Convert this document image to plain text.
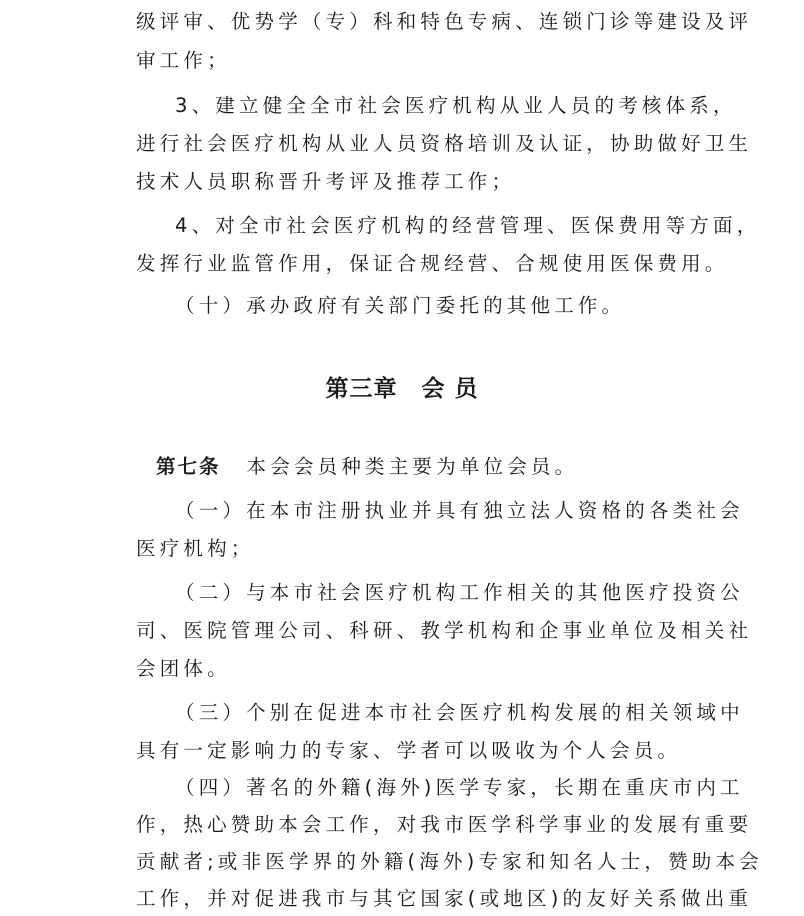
级评审、优势学（专）科和特色专病、连锁门诊等建设及评
审工作；
3、建立健全全市社会医疗机构从业人员的考核体系，
进行社会医疗机构从业人员资格培训及认证，协助做好卫生
技术人员职称晋升考评及推荐工作；
4、对全市社会医疗机构的经营管理、医保费用等方面，
发挥行业监管作用，保证合规经营、合规使用医保费用。
（十）承办政府有关部门委托的其他工作。
第三章　会 员
第七条 本会会员种类主要为单位会员。
（一）在本市注册执业并具有独立法人资格的各类社会
医疗机构；
（二）与本市社会医疗机构工作相关的其他医疗投资公
司、医院管理公司、科研、教学机构和企事业单位及相关社
会团体。
（三）个别在促进本市社会医疗机构发展的相关领域中
具有一定影响力的专家、学者可以吸收为个人会员。
（四）著名的外籍(海外)医学专家，长期在重庆市内工
作，热心赞助本会工作，对我市医学科学事业的发展有重要
贡献者;或非医学界的外籍(海外)专家和知名人士，赞助本会
工作，并对促进我市与其它国家(或地区)的友好关系做出重
